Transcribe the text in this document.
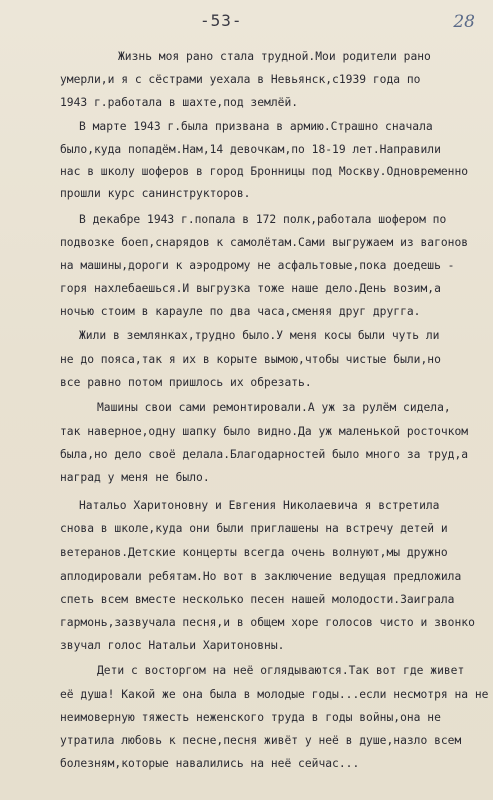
-53-	28
Жизнь моя рано стала трудной.Мои родители рано
умерли,и я с сёстрами уехала в Невьянск,с1939 года по
1943 г.работала в шахте,под землёй.
В марте 1943 г.была призвана в армию.Страшно сначала
было,куда попадём.Нам,14 девочкам,по 18-19 лет.Направили
нас в школу шоферов в город Бронницы под Москву.Одновременно
прошли курс санинструкторов.
В декабре 1943 г.попала в 172 полк,работала шофером по
подвозке боеп,снарядов к самолётам.Сами выгружаем из вагонов
на машины,дороги к аэродрому не асфальтовые,пока доедешь -
горя нахлебаешься.И выгрузка тоже наше дело.День возим,а
ночью стоим в карауле по два часа,сменяя друг другга.
Жили в землянках,трудно было.У меня косы были чуть ли
не до пояса,так я их в корыте вымою,чтобы чистые были,но
все равно потом пришлось их обрезать.
Машины свои сами ремонтировали.А уж за рулём сидела,
так наверное,одну шапку было видно.Да уж маленькой росточком
была,но дело своё делала.Благодарностей было много за труд,а
наград у меня не было.
Натальо Харитоновну и Евгения Николаевича я встретила
снова в школе,куда они были приглашены на встречу детей и
ветеранов.Детские концерты всегда очень волнуют,мы дружно
аплодировали ребятам.Но вот в заключение ведущая предложила
спеть всем вместе несколько песен нашей молодости.Заиграла
гармонь,зазвучала песня,и в общем хоре голосов чисто и звонко
звучал голос Натальи Харитоновны.
Дети с восторгом на неё оглядываются.Так вот где живет
её душа! Какой же она была в молодые годы...если несмотря на не
неимоверную тяжесть неженского труда в годы войны,она не
утратила любовь к песне,песня живёт у неё в душе,назло всем
болезням,которые навалились на неё сейчас...
